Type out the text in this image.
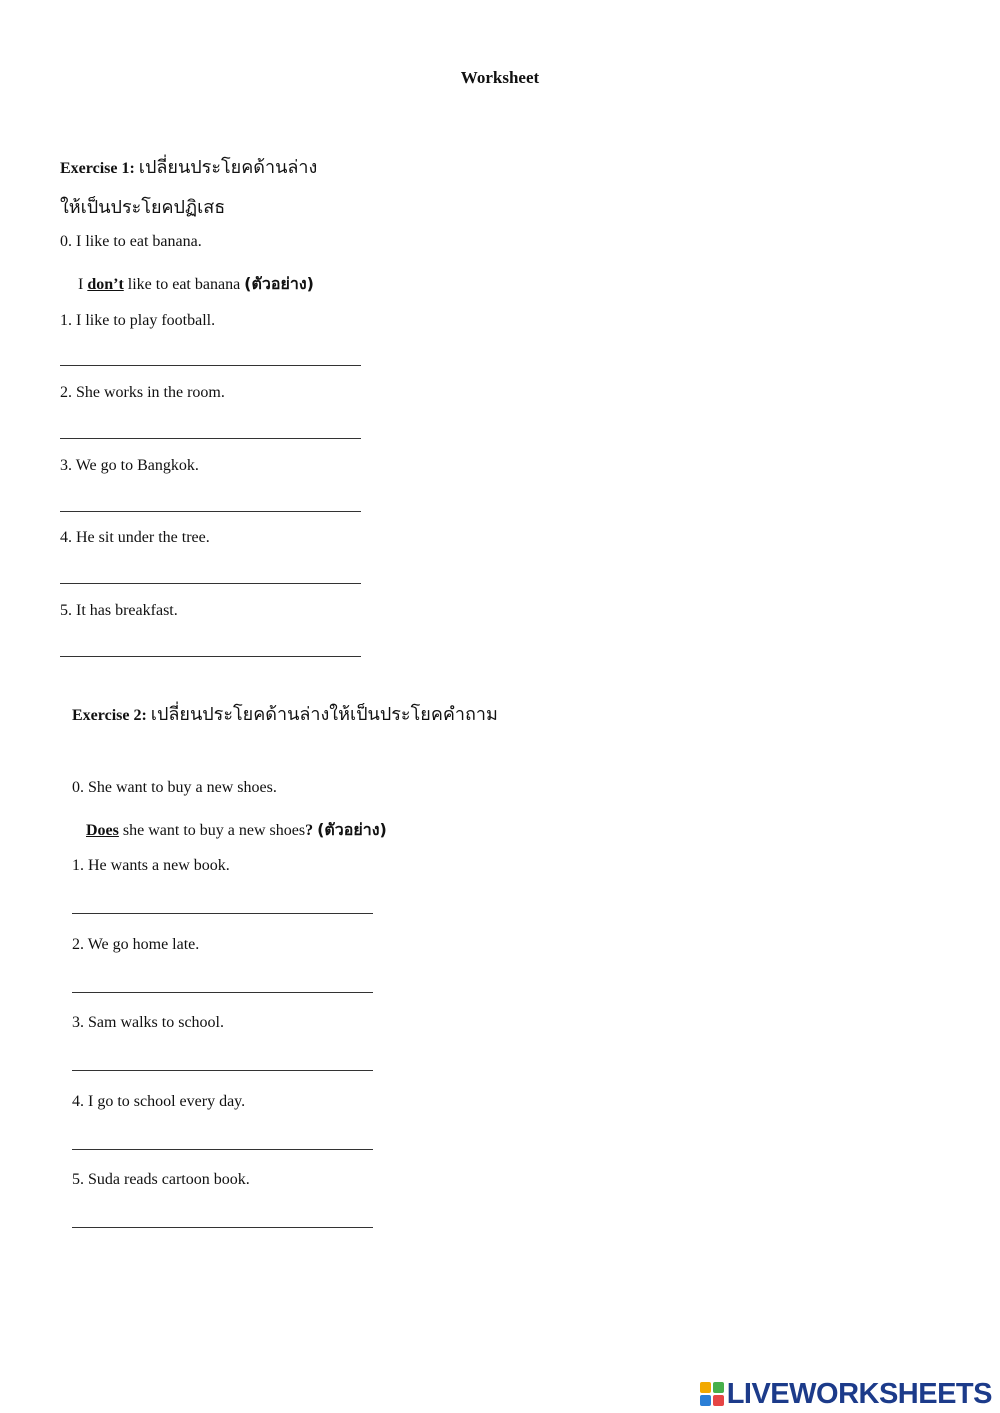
Worksheet
Exercise 1: เปลี่ยนประโยคด้านล่าง
ให้เป็นประโยคปฏิเสธ
0. I like to eat banana.
I don’t like to eat banana (ตัวอย่าง)
1. I like to play football.
2. She works in the room.
3. We go to Bangkok.
4. He sit under the tree.
5. It has breakfast.
Exercise 2: เปลี่ยนประโยคด้านล่างให้เป็นประโยคคำถาม
0. She want to buy a new shoes.
Does she want to buy a new shoes? (ตัวอย่าง)
1. He wants a new book.
2. We go home late.
3. Sam walks to school.
4. I go to school every day.
5. Suda reads cartoon book.
LIVEWORKSHEETS
